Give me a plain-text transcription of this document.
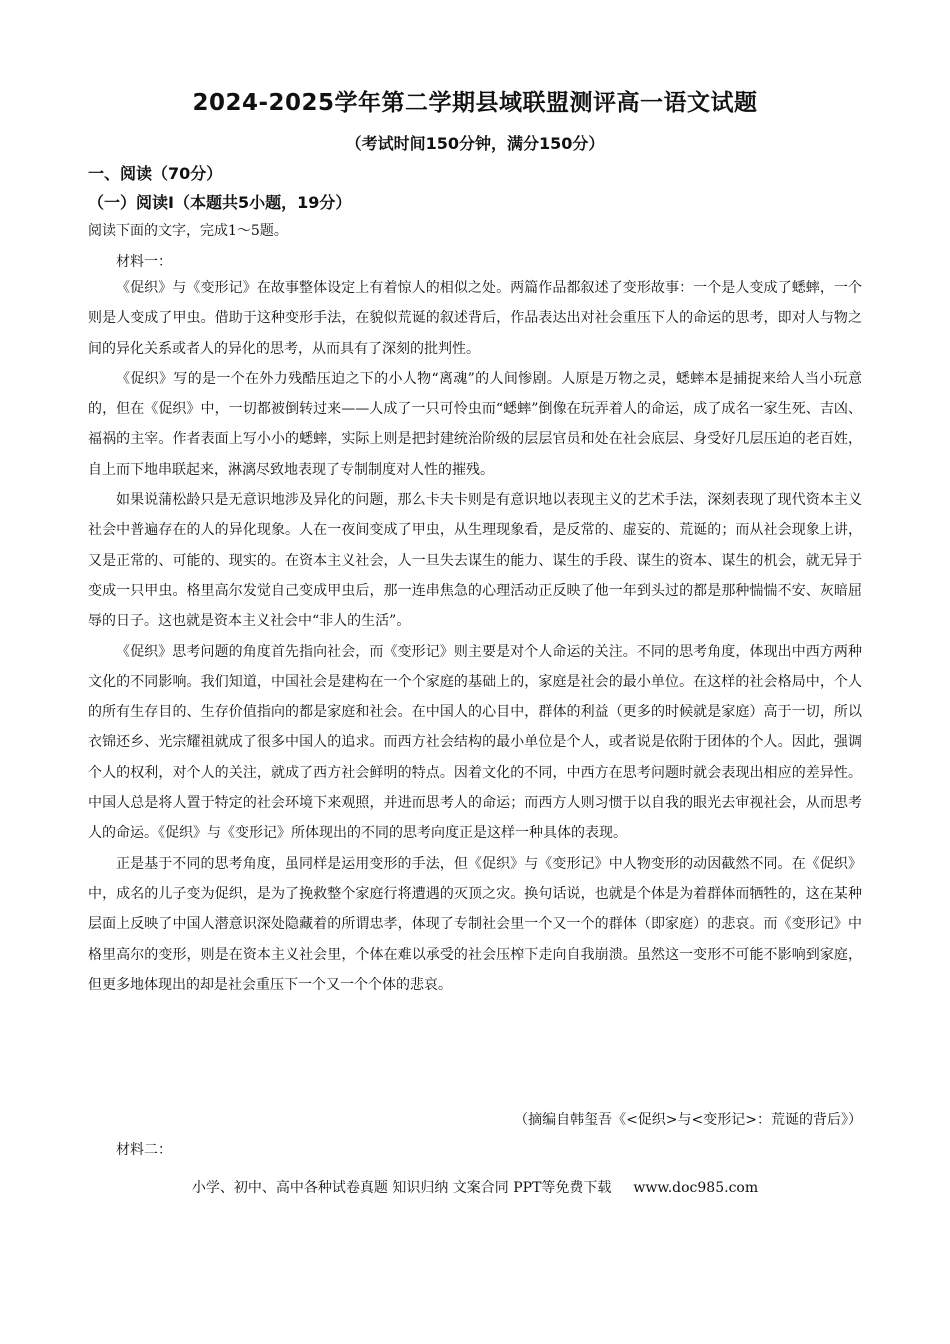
2024-2025学年第二学期县域联盟测评高一语文试题
（考试时间150分钟，满分150分）
一、阅读（70分）
（一）阅读Ⅰ（本题共5小题，19分）
阅读下面的文字，完成1～5题。
材料一：

《促织》与《变形记》在故事整体设定上有着惊人的相似之处。两篇作品都叙述了变形故事：一个是人变成了蟋蟀，一个则是人变成了甲虫。借助于这种变形手法，在貌似荒诞的叙述背后，作品表达出对社会重压下人的命运的思考，即对人与物之间的异化关系或者人的异化的思考，从而具有了深刻的批判性。

《促织》写的是一个在外力残酷压迫之下的小人物“离魂”的人间惨剧。人原是万物之灵，蟋蟀本是捕捉来给人当小玩意的，但在《促织》中，一切都被倒转过来——人成了一只可怜虫而“蟋蟀”倒像在玩弄着人的命运，成了成名一家生死、吉凶、福祸的主宰。作者表面上写小小的蟋蟀，实际上则是把封建统治阶级的层层官员和处在社会底层、身受好几层压迫的老百姓，自上而下地串联起来，淋漓尽致地表现了专制制度对人性的摧残。

如果说蒲松龄只是无意识地涉及异化的问题，那么卡夫卡则是有意识地以表现主义的艺术手法，深刻表现了现代资本主义社会中普遍存在的人的异化现象。人在一夜间变成了甲虫，从生理现象看，是反常的、虚妄的、荒诞的；而从社会现象上讲，又是正常的、可能的、现实的。在资本主义社会，人一旦失去谋生的能力、谋生的手段、谋生的资本、谋生的机会，就无异于变成一只甲虫。格里高尔发觉自己变成甲虫后，那一连串焦急的心理活动正反映了他一年到头过的都是那种惴惴不安、灰暗屈辱的日子。这也就是资本主义社会中“非人的生活”。

《促织》思考问题的角度首先指向社会，而《变形记》则主要是对个人命运的关注。不同的思考角度，体现出中西方两种文化的不同影响。我们知道，中国社会是建构在一个个家庭的基础上的，家庭是社会的最小单位。在这样的社会格局中，个人的所有生存目的、生存价值指向的都是家庭和社会。在中国人的心目中，群体的利益（更多的时候就是家庭）高于一切，所以衣锦还乡、光宗耀祖就成了很多中国人的追求。而西方社会结构的最小单位是个人，或者说是依附于团体的个人。因此，强调个人的权利，对个人的关注，就成了西方社会鲜明的特点。因着文化的不同，中西方在思考问题时就会表现出相应的差异性。中国人总是将人置于特定的社会环境下来观照，并进而思考人的命运；而西方人则习惯于以自我的眼光去审视社会，从而思考人的命运。《促织》与《变形记》所体现出的不同的思考向度正是这样一种具体的表现。

正是基于不同的思考角度，虽同样是运用变形的手法，但《促织》与《变形记》中人物变形的动因截然不同。在《促织》中，成名的儿子变为促织，是为了挽救整个家庭行将遭遇的灭顶之灾。换句话说，也就是个体是为着群体而牺牲的，这在某种层面上反映了中国人潜意识深处隐藏着的所谓忠孝，体现了专制社会里一个又一个的群体（即家庭）的悲哀。而《变形记》中格里高尔的变形，则是在资本主义社会里，个体在难以承受的社会压榨下走向自我崩溃。虽然这一变形不可能不影响到家庭，但更多地体现出的却是社会重压下一个又一个个体的悲哀。

（摘编自韩玺吾《<促织>与<变形记>：荒诞的背后》）
材料二：
小学、初中、高中各种试卷真题 知识归纳 文案合同 PPT等免费下载 www.doc985.com
